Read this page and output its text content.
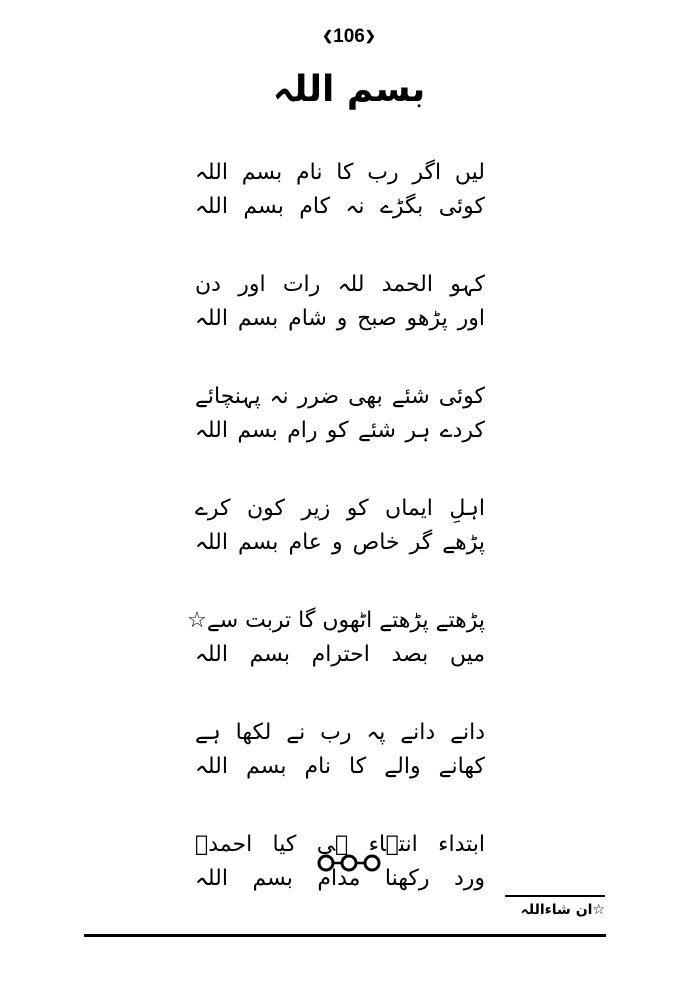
❮106❯
بسم اللہ
لیں اگر رب کا نام بسم اللہ
کوئی بگڑے نہ کام بسم اللہ
کہو الحمد للہ رات اور دن
اور پڑھو صبح و شام بسم اللہ
کوئی شئے بھی ضرر نہ پہنچائے
کردے ہر شئے کو رام بسم اللہ
اہلِ ایماں کو زیر کون کرے
پڑھے گر خاص و عام بسم اللہ
پڑھتے پڑھتے اٹھوں گا تربت سے☆
میں بصد احترام بسم اللہ
دانے دانے پہ رب نے لکھا ہے
کھانے والے کا نام بسم اللہ
ابتداء انتہاء ہی کیا احمدؔ
ورد رکھنا مدام بسم اللہ
☆ان شاءاللہ
